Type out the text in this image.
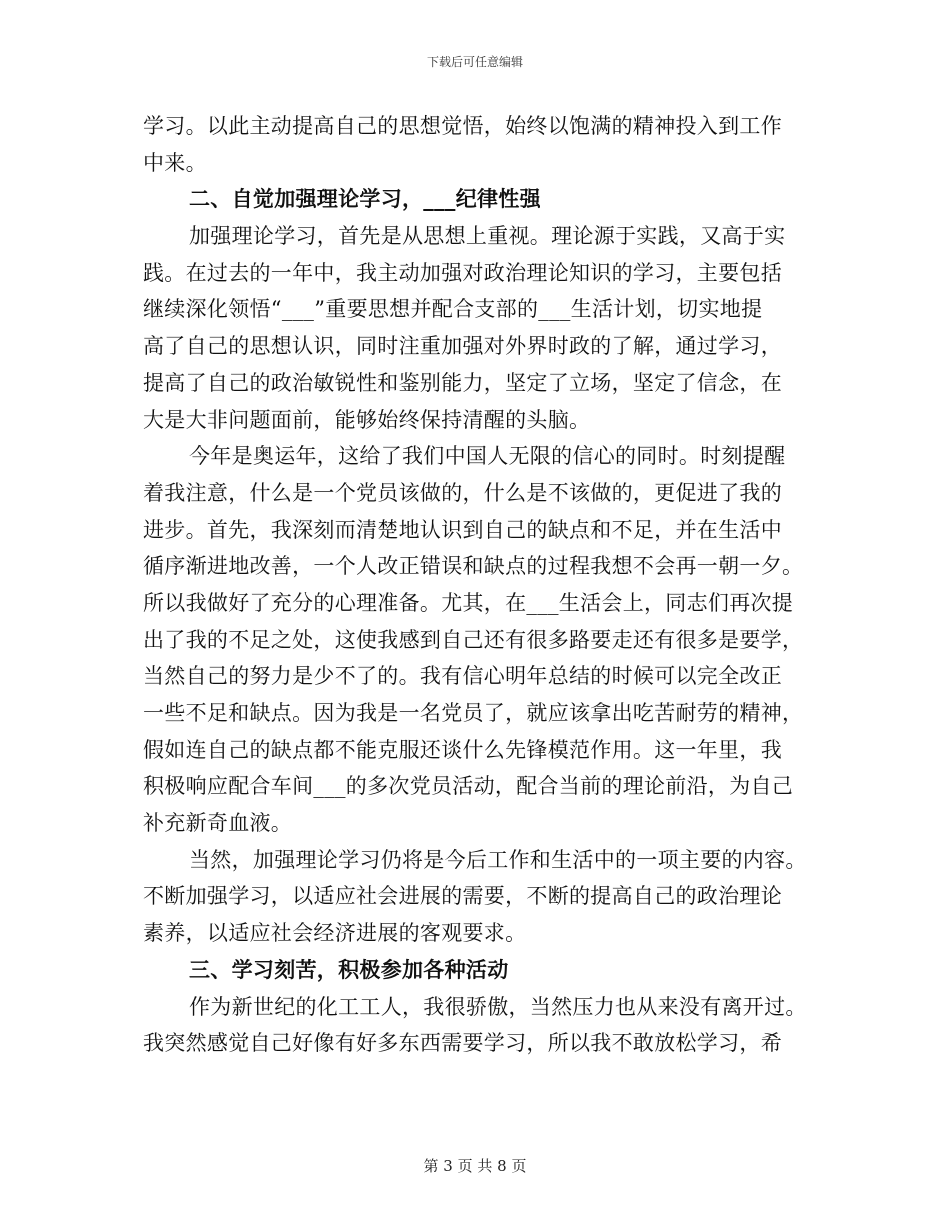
下载后可任意编辑
学习。以此主动提高自己的思想觉悟，始终以饱满的精神投入到工作
中来。
二、自觉加强理论学习，___纪律性强
加强理论学习，首先是从思想上重视。理论源于实践，又高于实
践。在过去的一年中，我主动加强对政治理论知识的学习，主要包括
继续深化领悟“___”重要思想并配合支部的___生活计划，切实地提
高了自己的思想认识，同时注重加强对外界时政的了解，通过学习，
提高了自己的政治敏锐性和鉴别能力，坚定了立场，坚定了信念，在
大是大非问题面前，能够始终保持清醒的头脑。
今年是奥运年，这给了我们中国人无限的信心的同时。时刻提醒
着我注意，什么是一个党员该做的，什么是不该做的，更促进了我的
进步。首先，我深刻而清楚地认识到自己的缺点和不足，并在生活中
循序渐进地改善，一个人改正错误和缺点的过程我想不会再一朝一夕。
所以我做好了充分的心理准备。尤其，在___生活会上，同志们再次提
出了我的不足之处，这使我感到自己还有很多路要走还有很多是要学，
当然自己的努力是少不了的。我有信心明年总结的时候可以完全改正
一些不足和缺点。因为我是一名党员了，就应该拿出吃苦耐劳的精神，
假如连自己的缺点都不能克服还谈什么先锋模范作用。这一年里，我
积极响应配合车间___的多次党员活动，配合当前的理论前沿，为自己
补充新奇血液。
当然，加强理论学习仍将是今后工作和生活中的一项主要的内容。
不断加强学习，以适应社会进展的需要，不断的提高自己的政治理论
素养，以适应社会经济进展的客观要求。
三、学习刻苦，积极参加各种活动
作为新世纪的化工工人，我很骄傲，当然压力也从来没有离开过。
我突然感觉自己好像有好多东西需要学习，所以我不敢放松学习，希
第 3 页 共 8 页
